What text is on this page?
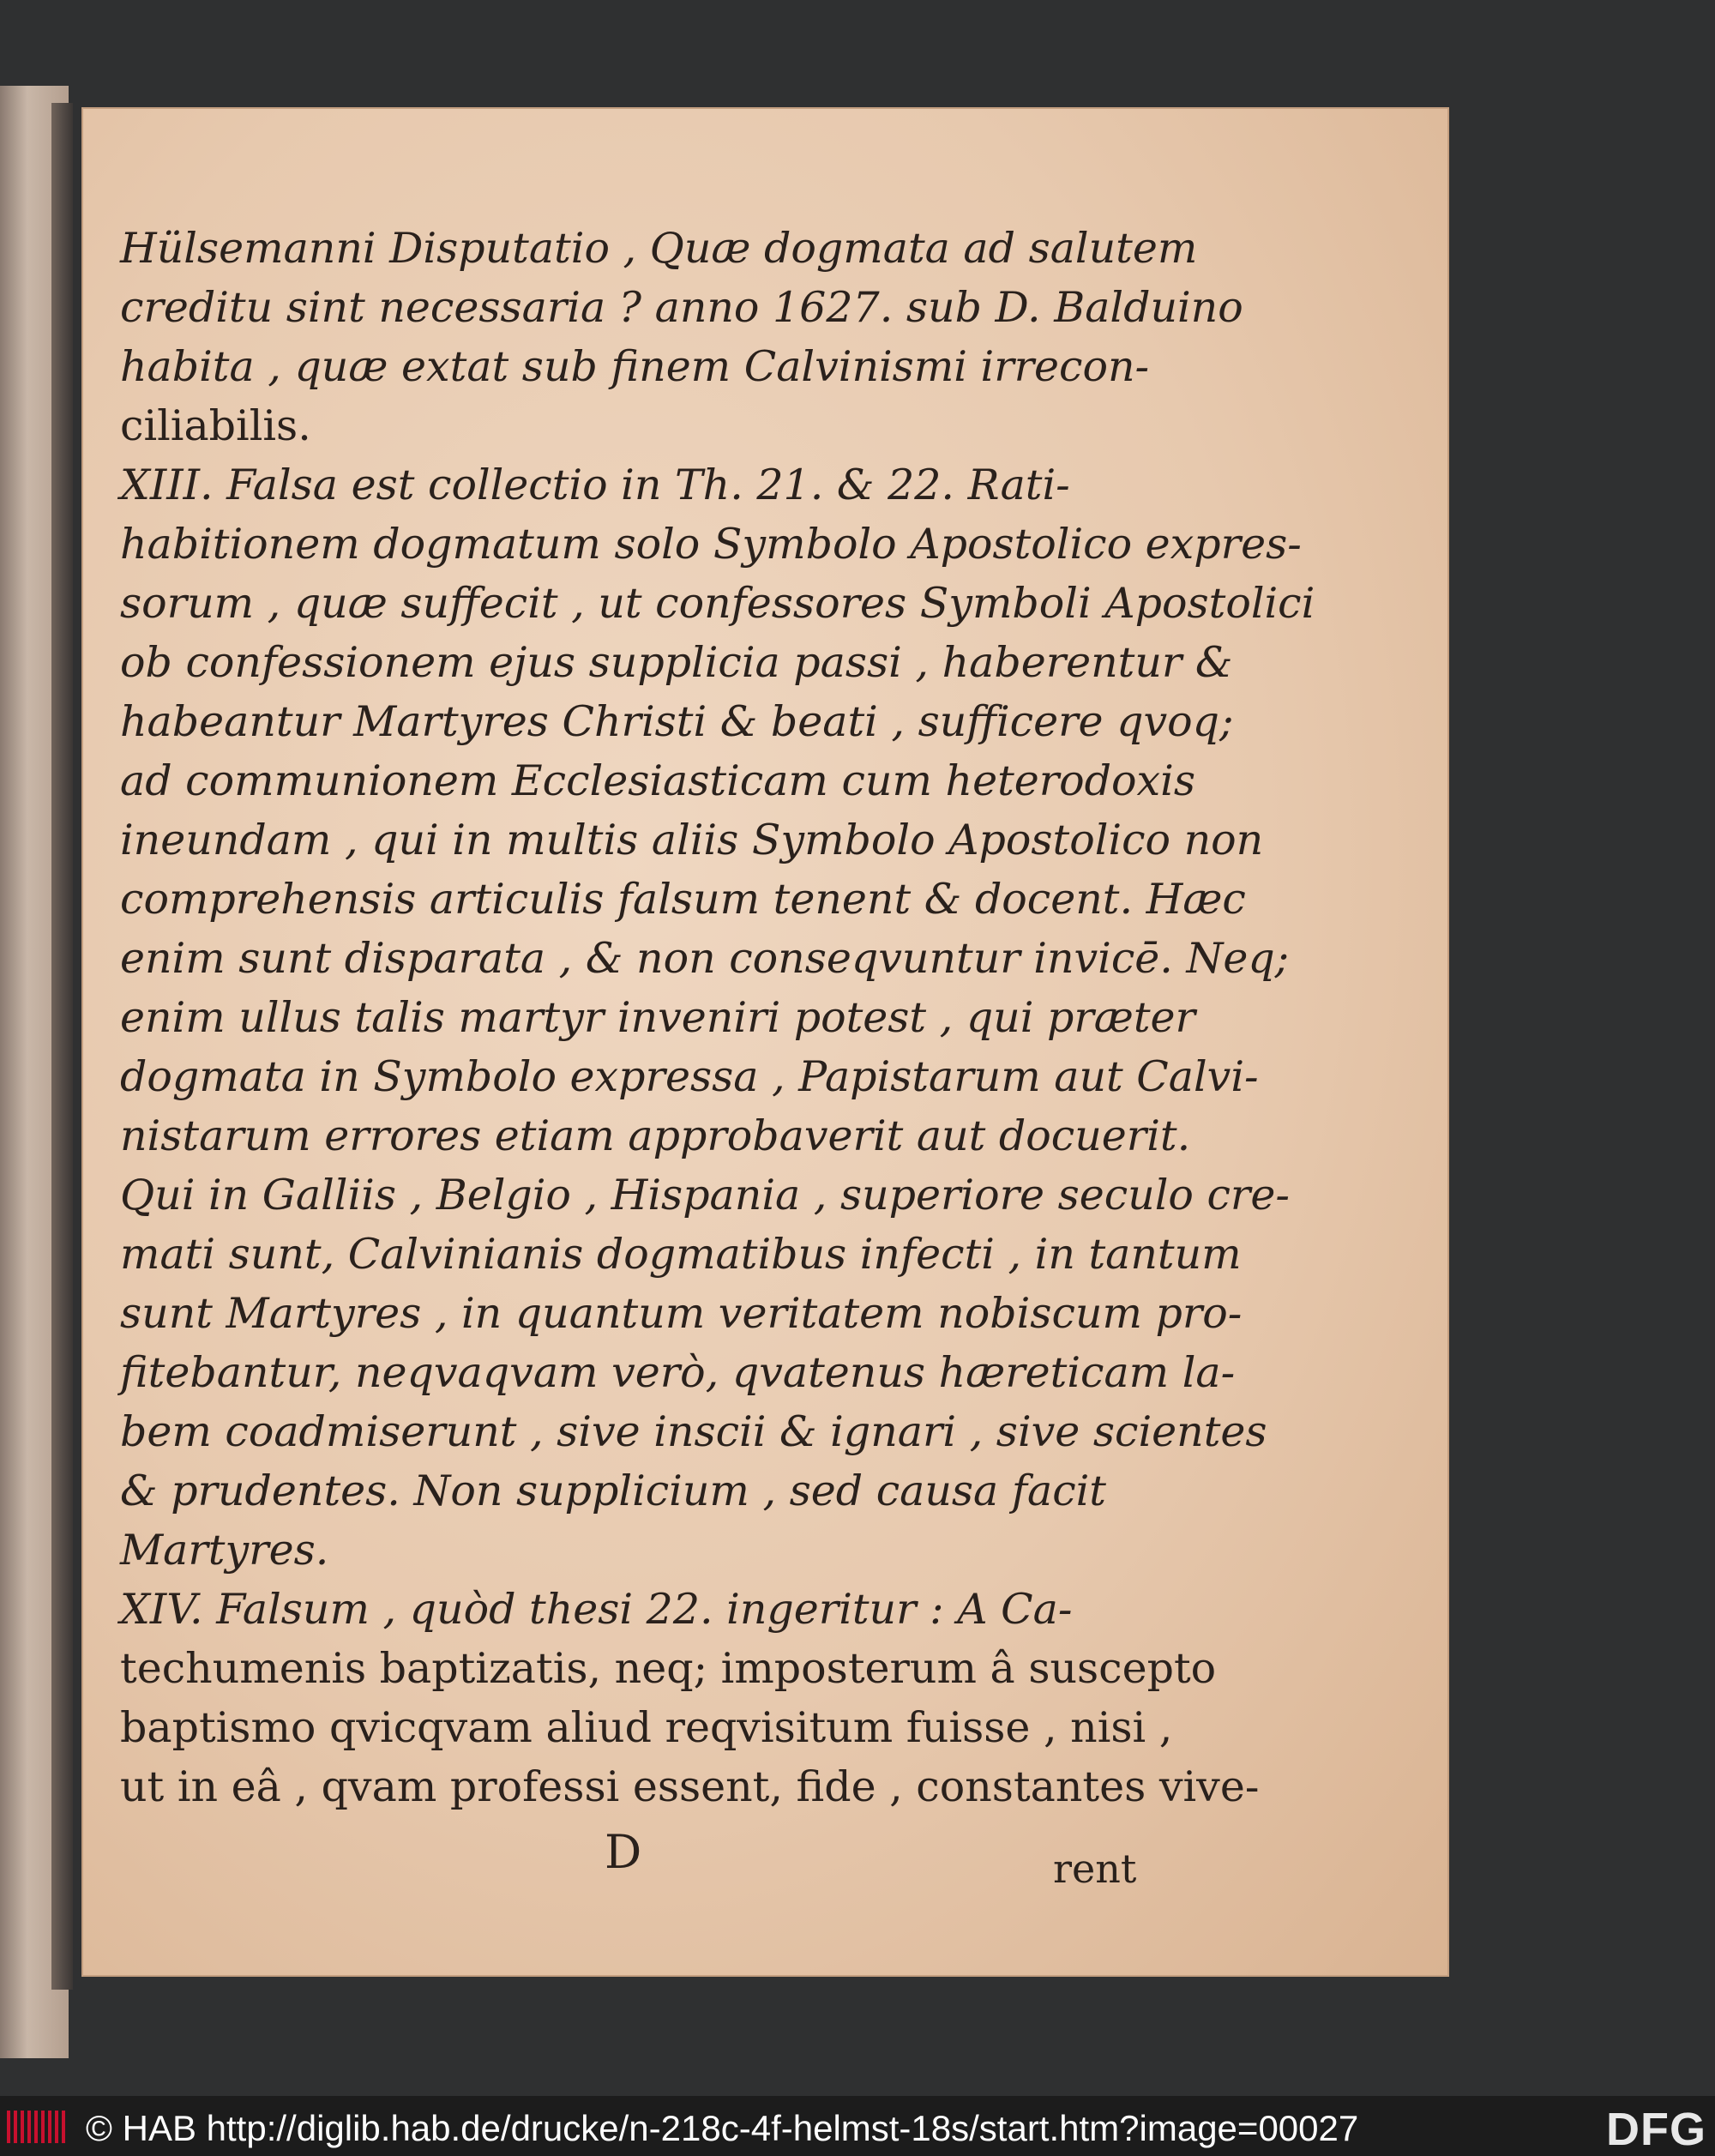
Hülsemanni Disputatio , Quæ dogmata ad salutem
creditu sint necessaria ? anno 1627. sub D. Balduino
habita , quæ extat sub finem Calvinismi irrecon-
ciliabilis.
XIII. Falsa est collectio in Th. 21. & 22. Rati-
habitionem dogmatum solo Symbolo Apostolico expres-
sorum , quæ suffecit , ut confessores Symboli Apostolici
ob confessionem ejus supplicia passi , haberentur &
habeantur Martyres Christi & beati , sufficere qvoq;
ad communionem Ecclesiasticam cum heterodoxis
ineundam , qui in multis aliis Symbolo Apostolico non
comprehensis articulis falsum tenent & docent. Hæc
enim sunt disparata , & non conseqvuntur invicē. Neq;
enim ullus talis martyr inveniri potest , qui præter
dogmata in Symbolo expressa , Papistarum aut Calvi-
nistarum errores etiam approbaverit aut docuerit.
Qui in Galliis , Belgio , Hispania , superiore seculo cre-
mati sunt, Calvinianis dogmatibus infecti , in tantum
sunt Martyres , in quantum veritatem nobiscum pro-
fitebantur, neqvaqvam verò, qvatenus hæreticam la-
bem coadmiserunt , sive inscii & ignari , sive scientes
& prudentes. Non supplicium , sed causa facit
Martyres.
XIV. Falsum , quòd thesi 22. ingeritur : A Ca-
techumenis baptizatis, neq; imposterum â suscepto
baptismo qvicqvam aliud reqvisitum fuisse , nisi ,
ut in eâ , qvam professi essent, fide , constantes vive-
D	rent
© HAB http://diglib.hab.de/drucke/n-218c-4f-helmst-18s/start.htm?image=00027	DFG
